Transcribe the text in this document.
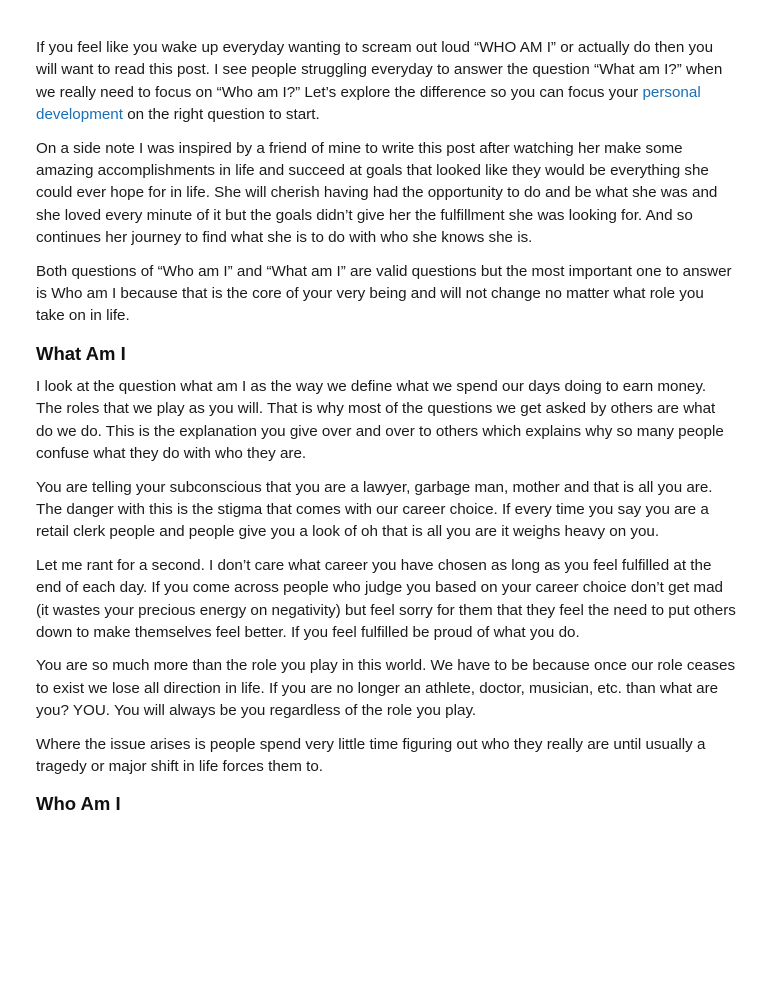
If you feel like you wake up everyday wanting to scream out loud “WHO AM I” or actually do then you will want to read this post. I see people struggling everyday to answer the question “What am I?” when we really need to focus on “Who am I?” Let’s explore the difference so you can focus your personal development on the right question to start.

On a side note I was inspired by a friend of mine to write this post after watching her make some amazing accomplishments in life and succeed at goals that looked like they would be everything she could ever hope for in life. She will cherish having had the opportunity to do and be what she was and she loved every minute of it but the goals didn’t give her the fulfillment she was looking for. And so continues her journey to find what she is to do with who she knows she is.

Both questions of “Who am I” and “What am I” are valid questions but the most important one to answer is Who am I because that is the core of your very being and will not change no matter what role you take on in life.

What Am I

I look at the question what am I as the way we define what we spend our days doing to earn money. The roles that we play as you will. That is why most of the questions we get asked by others are what do we do. This is the explanation you give over and over to others which explains why so many people confuse what they do with who they are.

You are telling your subconscious that you are a lawyer, garbage man, mother and that is all you are. The danger with this is the stigma that comes with our career choice. If every time you say you are a retail clerk people and people give you a look of oh that is all you are it weighs heavy on you.

Let me rant for a second. I don’t care what career you have chosen as long as you feel fulfilled at the end of each day. If you come across people who judge you based on your career choice don’t get mad (it wastes your precious energy on negativity) but feel sorry for them that they feel the need to put others down to make themselves feel better. If you feel fulfilled be proud of what you do.

You are so much more than the role you play in this world. We have to be because once our role ceases to exist we lose all direction in life. If you are no longer an athlete, doctor, musician, etc. than what are you? YOU. You will always be you regardless of the role you play.

Where the issue arises is people spend very little time figuring out who they really are until usually a tragedy or major shift in life forces them to.

Who Am I
